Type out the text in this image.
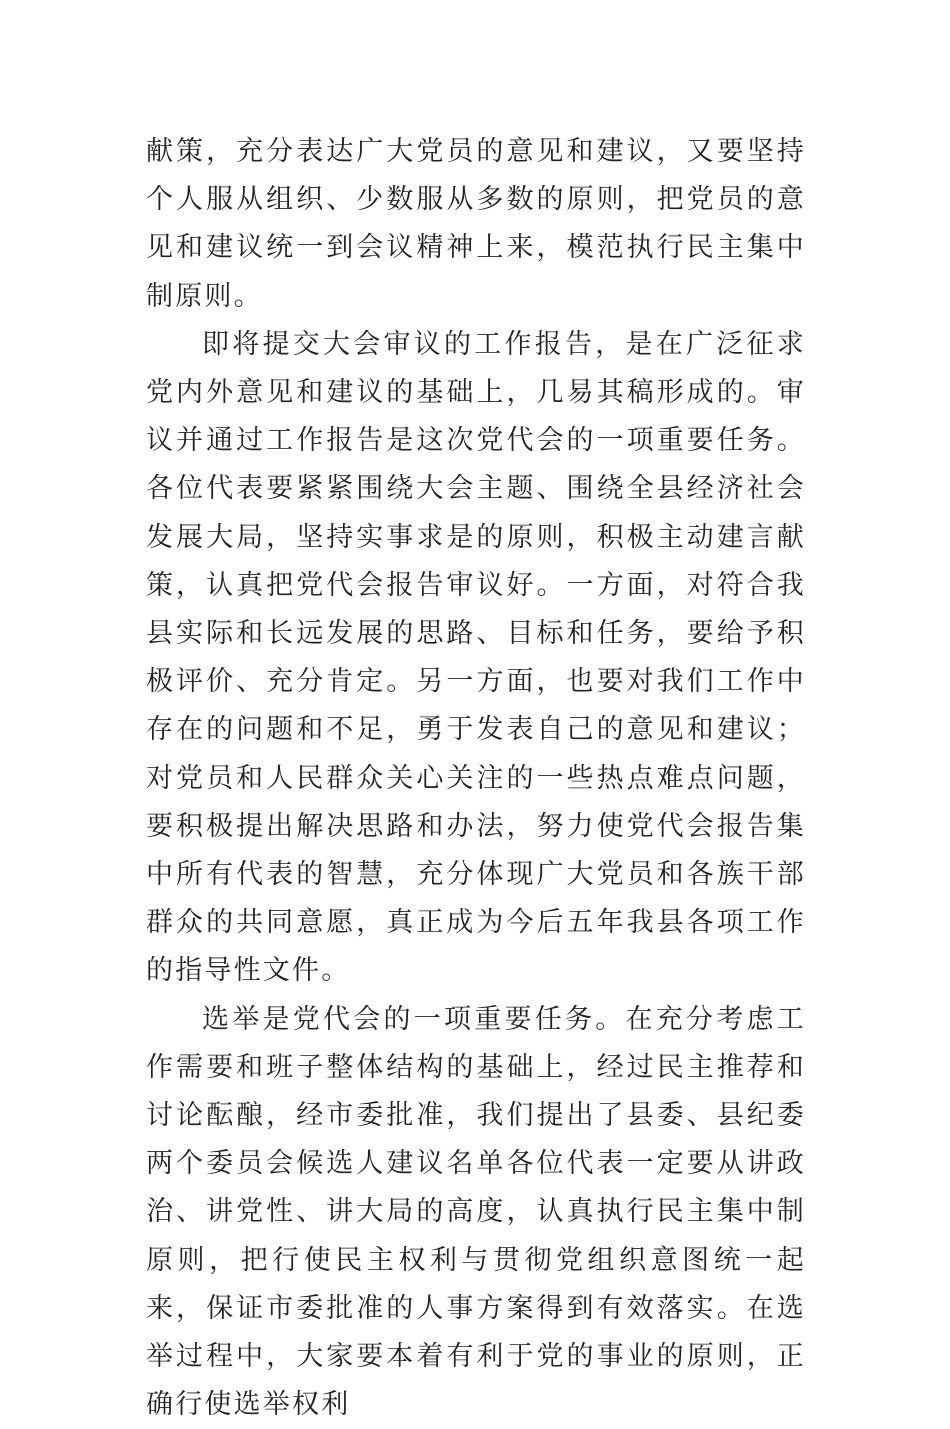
献策，充分表达广大党员的意见和建议，又要坚持个人服从组织、少数服从多数的原则，把党员的意见和建议统一到会议精神上来，模范执行民主集中制原则。

即将提交大会审议的工作报告，是在广泛征求党内外意见和建议的基础上，几易其稿形成的。审议并通过工作报告是这次党代会的一项重要任务。各位代表要紧紧围绕大会主题、围绕全县经济社会发展大局，坚持实事求是的原则，积极主动建言献策，认真把党代会报告审议好。一方面，对符合我县实际和长远发展的思路、目标和任务，要给予积极评价、充分肯定。另一方面，也要对我们工作中存在的问题和不足，勇于发表自己的意见和建议；对党员和人民群众关心关注的一些热点难点问题，要积极提出解决思路和办法，努力使党代会报告集中所有代表的智慧，充分体现广大党员和各族干部群众的共同意愿，真正成为今后五年我县各项工作的指导性文件。

选举是党代会的一项重要任务。在充分考虑工作需要和班子整体结构的基础上，经过民主推荐和讨论酝酿，经市委批准，我们提出了县委、县纪委两个委员会候选人建议名单各位代表一定要从讲政治、讲党性、讲大局的高度，认真执行民主集中制原则，把行使民主权利与贯彻党组织意图统一起来，保证市委批准的人事方案得到有效落实。在选举过程中，大家要本着有利于党的事业的原则，正确行使选举权利
